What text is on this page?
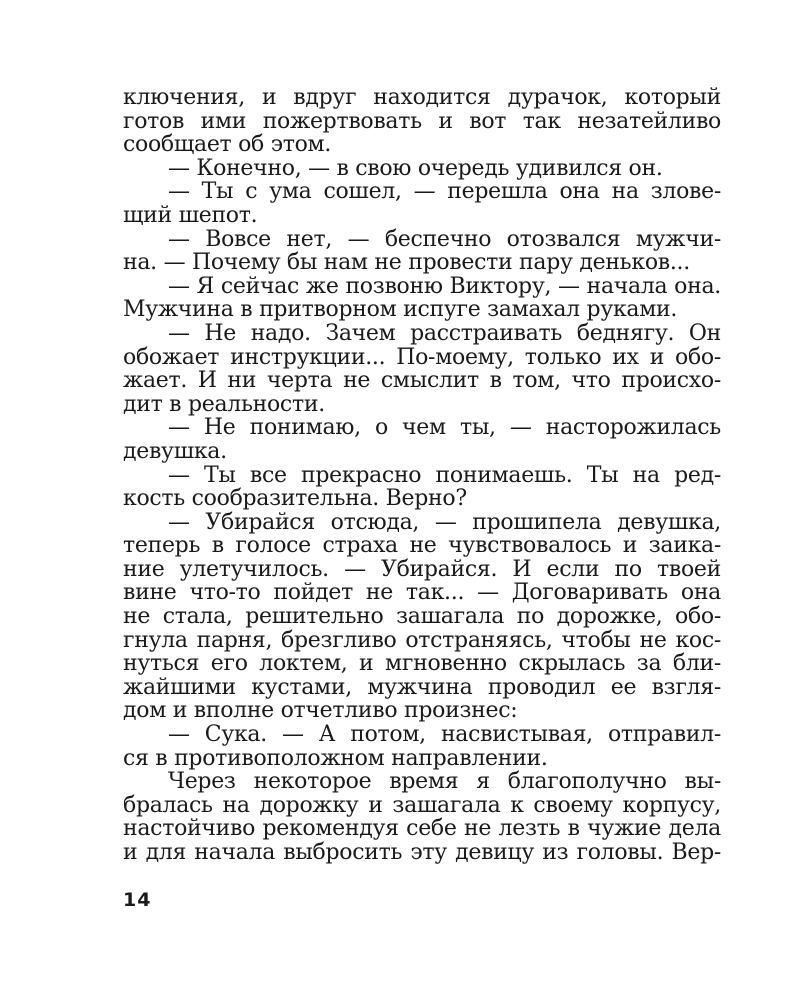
ключения, и вдруг находится дурачок, который
готов ими пожертвовать и вот так незатейливо
сообщает об этом.
— Конечно, — в свою очередь удивился он.
— Ты с ума сошел, — перешла она на злове-
щий шепот.
— Вовсе нет, — беспечно отозвался мужчи-
на. — Почему бы нам не провести пару деньков...
— Я сейчас же позвоню Виктору, — начала она.
Мужчина в притворном испуге замахал руками.
— Не надо. Зачем расстраивать беднягу. Он
обожает инструкции... По-моему, только их и обо-
жает. И ни черта не смыслит в том, что происхо-
дит в реальности.
— Не понимаю, о чем ты, — насторожилась
девушка.
— Ты все прекрасно понимаешь. Ты на ред-
кость сообразительна. Верно?
— Убирайся отсюда, — прошипела девушка,
теперь в голосе страха не чувствовалось и заика-
ние улетучилось. — Убирайся. И если по твоей
вине что-то пойдет не так... — Договаривать она
не стала, решительно зашагала по дорожке, обо-
гнула парня, брезгливо отстраняясь, чтобы не кос-
нуться его локтем, и мгновенно скрылась за бли-
жайшими кустами, мужчина проводил ее взгля-
дом и вполне отчетливо произнес:
— Сука. — А потом, насвистывая, отправил-
ся в противоположном направлении.
Через некоторое время я благополучно вы-
бралась на дорожку и зашагала к своему корпусу,
настойчиво рекомендуя себе не лезть в чужие дела
и для начала выбросить эту девицу из головы. Вер-
14
